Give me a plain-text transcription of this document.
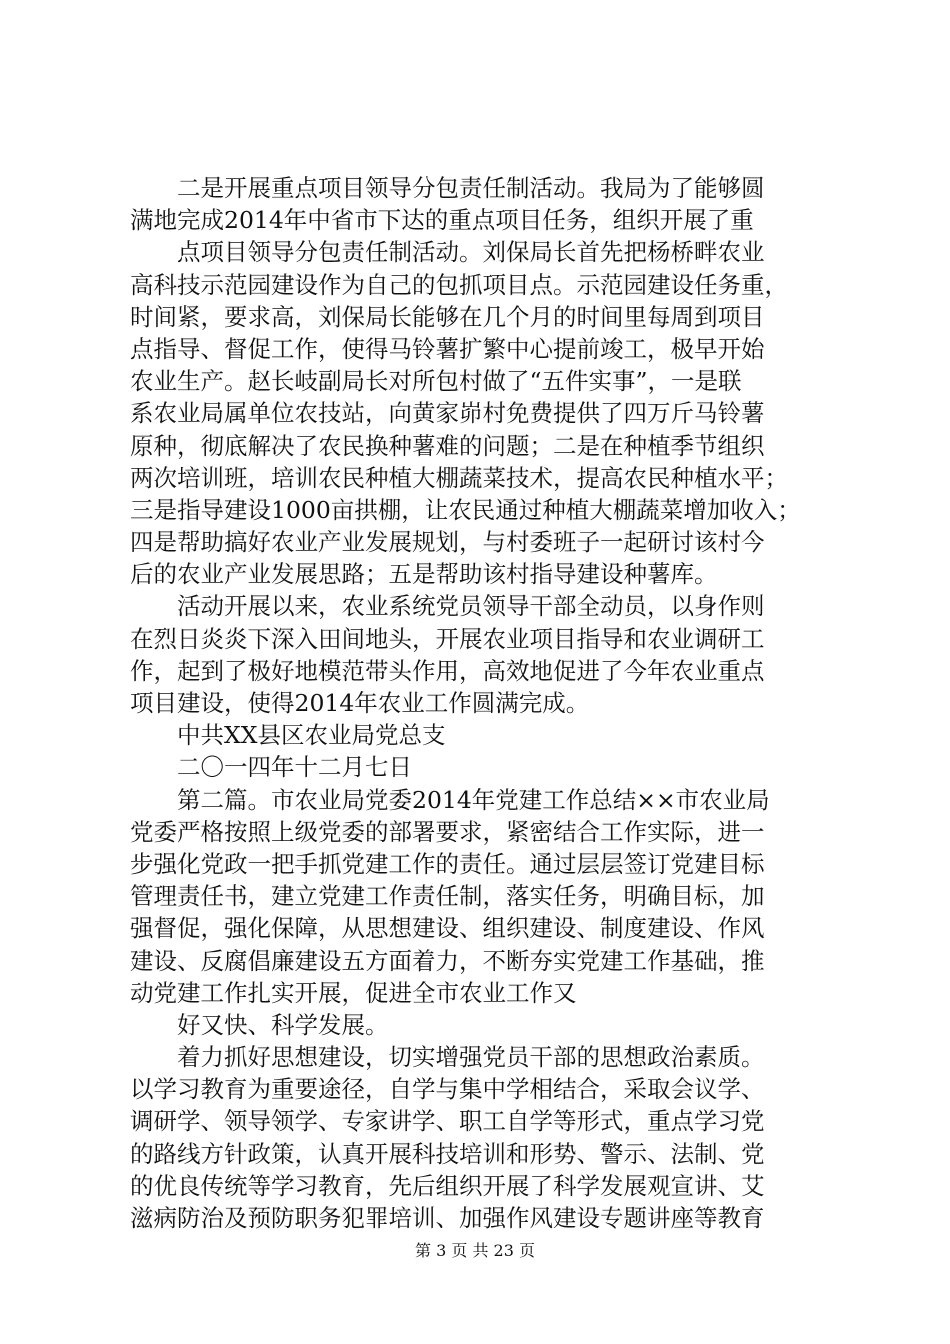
二是开展重点项目领导分包责任制活动。我局为了能够圆
满地完成2014年中省市下达的重点项目任务，组织开展了重
点项目领导分包责任制活动。刘保局长首先把杨桥畔农业
高科技示范园建设作为自己的包抓项目点。示范园建设任务重，
时间紧，要求高，刘保局长能够在几个月的时间里每周到项目
点指导、督促工作，使得马铃薯扩繁中心提前竣工，极早开始
农业生产。赵长岐副局长对所包村做了“五件实事”，一是联
系农业局属单位农技站，向黄家峁村免费提供了四万斤马铃薯
原种，彻底解决了农民换种薯难的问题；二是在种植季节组织
两次培训班，培训农民种植大棚蔬菜技术，提高农民种植水平；
三是指导建设1000亩拱棚，让农民通过种植大棚蔬菜增加收入；
四是帮助搞好农业产业发展规划，与村委班子一起研讨该村今
后的农业产业发展思路；五是帮助该村指导建设种薯库。
活动开展以来，农业系统党员领导干部全动员，以身作则
在烈日炎炎下深入田间地头，开展农业项目指导和农业调研工
作，起到了极好地模范带头作用，高效地促进了今年农业重点
项目建设，使得2014年农业工作圆满完成。
中共XX县区农业局党总支
二〇一四年十二月七日
第二篇。市农业局党委2014年党建工作总结××市农业局
党委严格按照上级党委的部署要求，紧密结合工作实际，进一
步强化党政一把手抓党建工作的责任。通过层层签订党建目标
管理责任书，建立党建工作责任制，落实任务，明确目标，加
强督促，强化保障，从思想建设、组织建设、制度建设、作风
建设、反腐倡廉建设五方面着力，不断夯实党建工作基础，推
动党建工作扎实开展，促进全市农业工作又
好又快、科学发展。
着力抓好思想建设，切实增强党员干部的思想政治素质。
以学习教育为重要途径，自学与集中学相结合，采取会议学、
调研学、领导领学、专家讲学、职工自学等形式，重点学习党
的路线方针政策，认真开展科技培训和形势、警示、法制、党
的优良传统等学习教育，先后组织开展了科学发展观宣讲、艾
滋病防治及预防职务犯罪培训、加强作风建设专题讲座等教育
第 3 页 共 23 页
